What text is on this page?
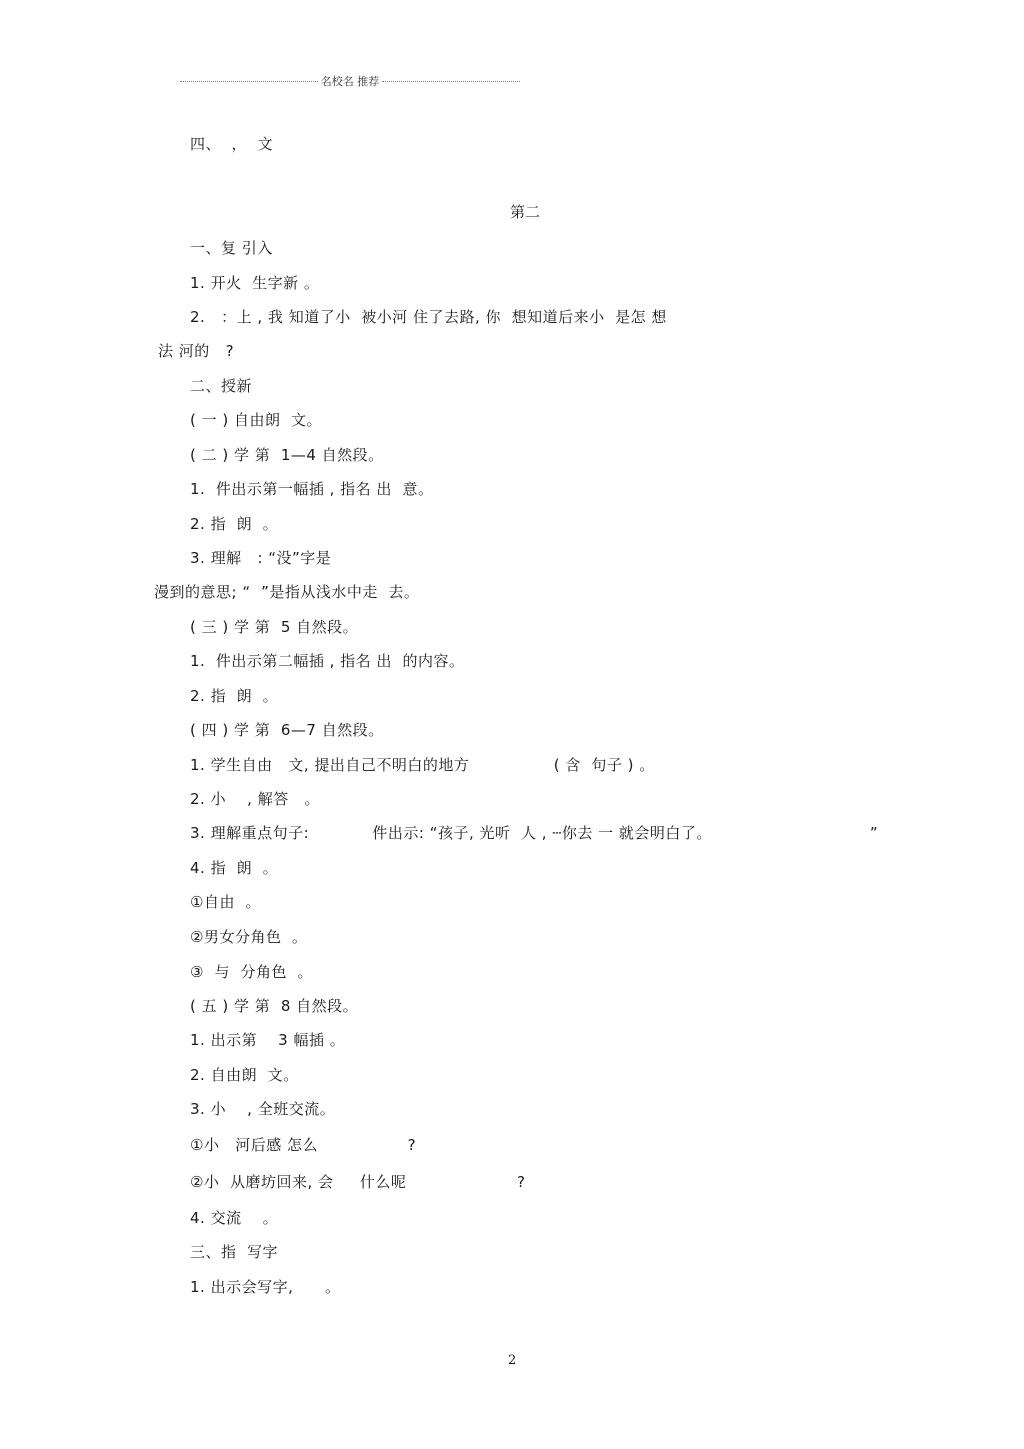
名校名 推荐
四、  ，  文
第二
一、复 引入
1. 开火  生字新 。
2.   ：上 , 我 知道了小  被小河 住了去路, 你  想知道后来小  是怎 想
法 河的   ?
二、授新
( 一 ) 自由朗  文。
( 二 ) 学 第  1—4 自然段。
1.  件出示第一幅插 , 指名 出  意。
2. 指  朗  。
3. 理解   : “没”字是
漫到的意思; “  ”是指从浅水中走  去。
( 三 ) 学 第  5 自然段。
1.  件出示第二幅插 , 指名 出  的内容。
2. 指  朗  。
( 四 ) 学 第  6—7 自然段。
1. 学生自由   文, 提出自己不明白的地方                ( 含  句子 ) 。
2. 小    , 解答   。
3. 理解重点句子:            件出示: “孩子, 光听  人 , ┄你去 一 就会明白了。                              ”
4. 指  朗  。
①自由  。
②男女分角色  。
③  与  分角色  。
( 五 ) 学 第  8 自然段。
1. 出示第    3 幅插 。
2. 自由朗  文。
3. 小    , 全班交流。
①小   河后感 怎么                 ?
②小  从磨坊回来, 会     什么呢                     ?
4. 交流    。
三、指  写字
1. 出示会写字,      。
2
